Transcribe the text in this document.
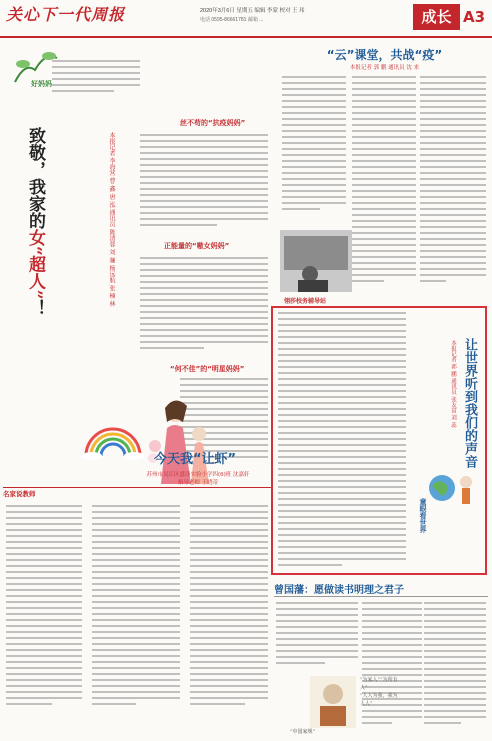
关心下一代周报	2020年3月6日 星期五 编辑 李蒙 校对 王 玮
电话 0595-86661781 邮箱 ...	成长 A3
好妈妈
致敬，我家的女“超人”！
本报记者 李海营 曹 鑫 唐 泓 通讯员 陈清蓉 刘 骊 杨远航 张 楠 林
丝不苟的“抗疫妈妈”
正能量的“嗷女妈妈”
“何不佳”的“明星妈妈”
今天我“让虾”
苏州市吴江区盛泽实验小学四(6)班 沈嘉轩
指导老师 王晓蒂
名家说教师
“云”课堂，共战“疫”
本报记者 郭 鹏 通讯员 沈 来
翎莎校务辅导站
本报记者 郭 鹏 通讯员 张友富 刘 蕊 让世界听到我们的声音
童眼看世界
曾国藩：愿做读书明理之君子
“中国家规”
“为家人”“为所有人”
“人人为我，我为人人”
